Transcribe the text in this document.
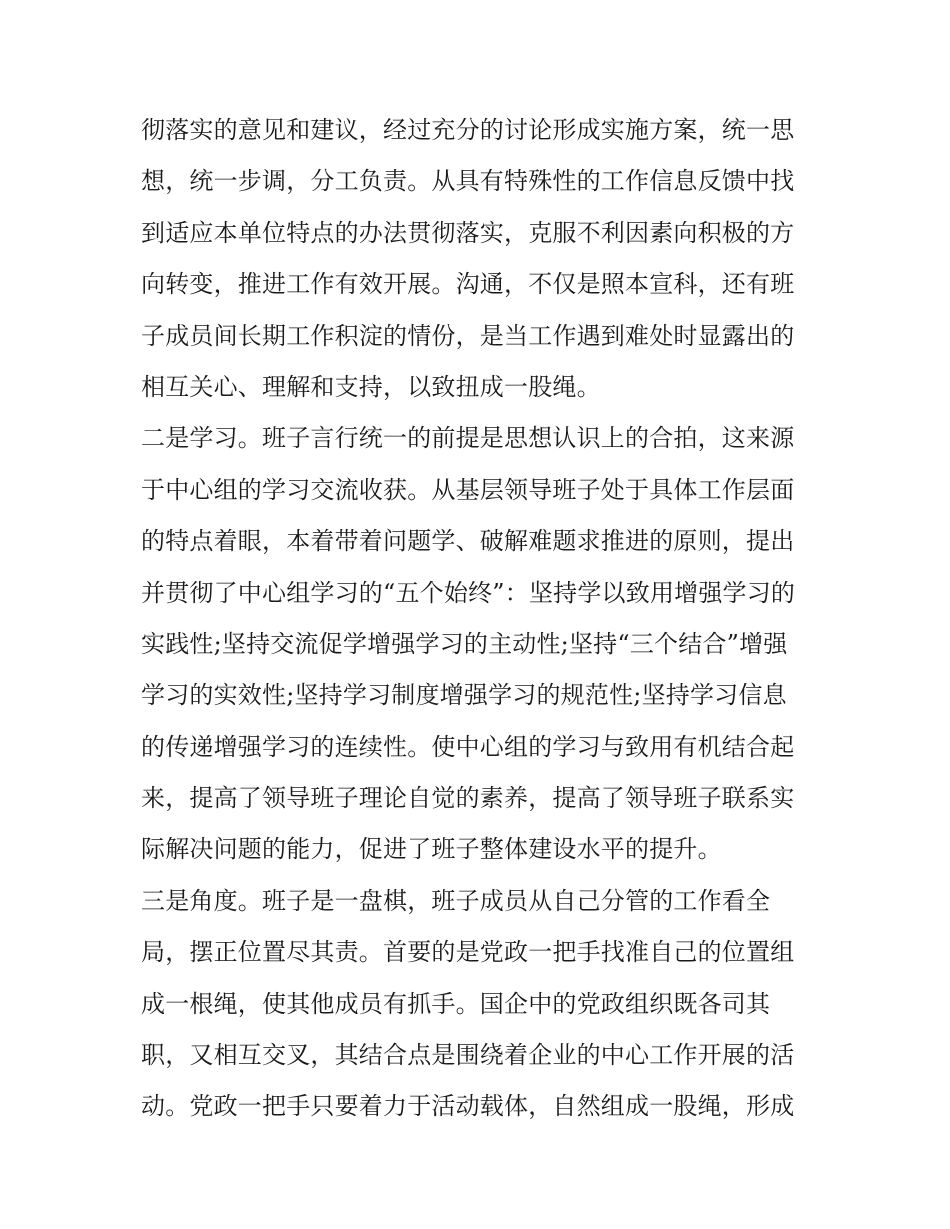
彻落实的意见和建议，经过充分的讨论形成实施方案，统一思
想，统一步调，分工负责。从具有特殊性的工作信息反馈中找
到适应本单位特点的办法贯彻落实，克服不利因素向积极的方
向转变，推进工作有效开展。沟通，不仅是照本宣科，还有班
子成员间长期工作积淀的情份，是当工作遇到难处时显露出的
相互关心、理解和支持，以致扭成一股绳。
二是学习。班子言行统一的前提是思想认识上的合拍，这来源
于中心组的学习交流收获。从基层领导班子处于具体工作层面
的特点着眼，本着带着问题学、破解难题求推进的原则，提出
并贯彻了中心组学习的“五个始终”：坚持学以致用增强学习的
实践性;坚持交流促学增强学习的主动性;坚持“三个结合”增强
学习的实效性;坚持学习制度增强学习的规范性;坚持学习信息
的传递增强学习的连续性。使中心组的学习与致用有机结合起
来，提高了领导班子理论自觉的素养，提高了领导班子联系实
际解决问题的能力，促进了班子整体建设水平的提升。
三是角度。班子是一盘棋，班子成员从自己分管的工作看全
局，摆正位置尽其责。首要的是党政一把手找准自己的位置组
成一根绳，使其他成员有抓手。国企中的党政组织既各司其
职，又相互交叉，其结合点是围绕着企业的中心工作开展的活
动。党政一把手只要着力于活动载体，自然组成一股绳，形成
